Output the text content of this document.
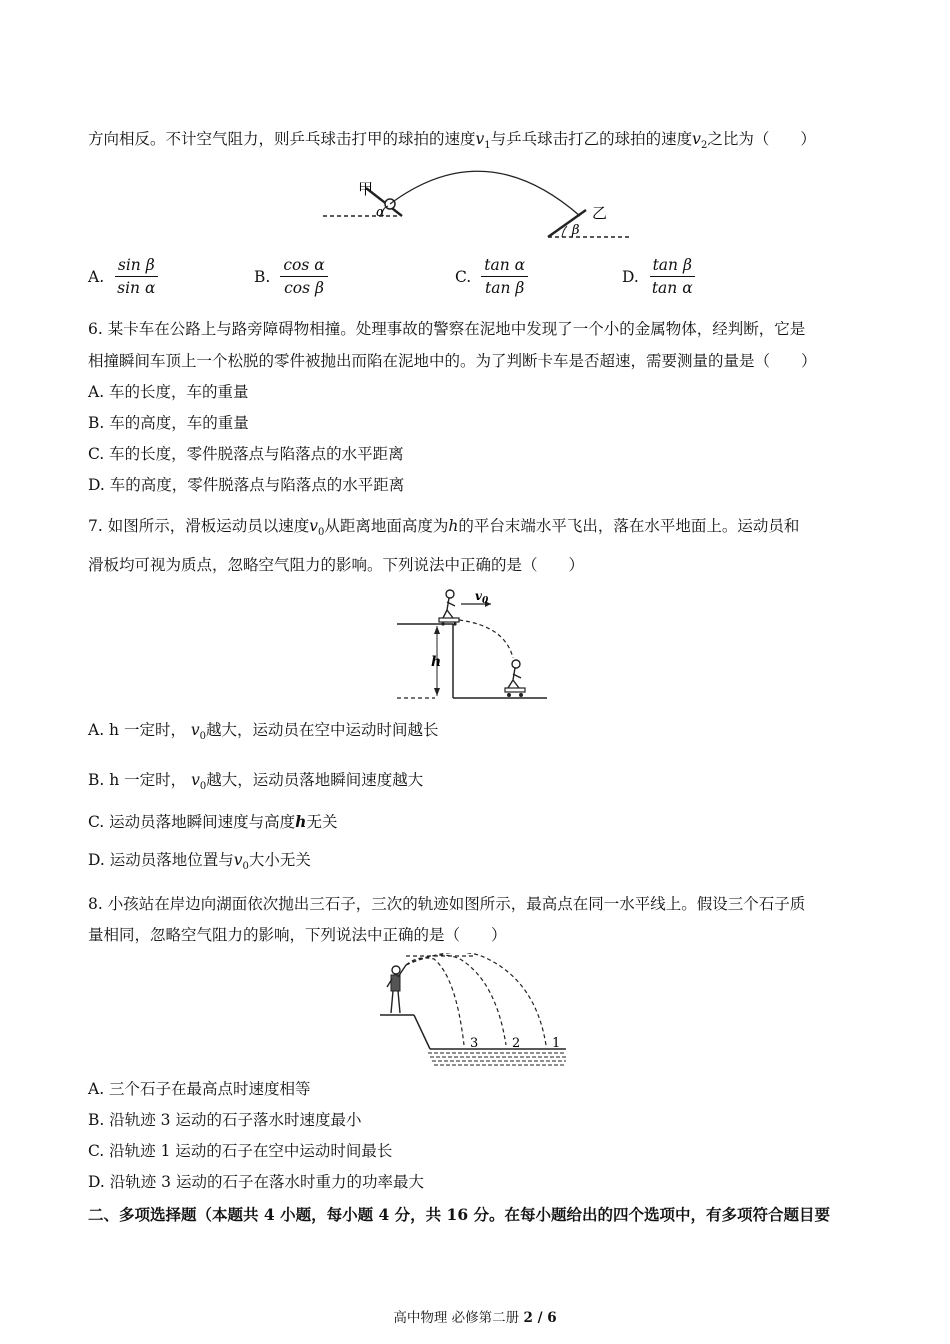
方向相反。不计空气阻力，则乒乓球击打甲的球拍的速度$v_1$与乒乓球击打乙的球拍的速度$v_2$之比为（　　）
甲
α	乙
β
A. $\frac{\text{sin β}}{\text{sin α}}$	B. $\frac{\text{cos α}}{\text{cos β}}$	C. $\frac{\text{tan α}}{\text{tan β}}$	D. $\frac{\text{tan β}}{\text{tan α}}$
6. 某卡车在公路上与路旁障碍物相撞。处理事故的警察在泥地中发现了一个小的金属物体，经判断，它是
相撞瞬间车顶上一个松脱的零件被抛出而陷在泥地中的。为了判断卡车是否超速，需要测量的量是（　　）
A. 车的长度，车的重量
B. 车的高度，车的重量
C. 车的长度，零件脱落点与陷落点的水平距离
D. 车的高度，零件脱落点与陷落点的水平距离
7. 如图所示，滑板运动员以速度$v_0$从距离地面高度为h的平台末端水平飞出，落在水平地面上。运动员和
滑板均可视为质点，忽略空气阻力的影响。下列说法中正确的是（　　）
h
$v_0$
A. h 一定时， $v_0$越大，运动员在空中运动时间越长
B. h 一定时， $v_0$越大，运动员落地瞬间速度越大
C. 运动员落地瞬间速度与高度h无关
D. 运动员落地位置与$v_0$大小无关
8. 小孩站在岸边向湖面依次抛出三石子，三次的轨迹如图所示，最高点在同一水平线上。假设三个石子质
量相同，忽略空气阻力的影响，下列说法中正确的是（　　）
3	2 1
A. 三个石子在最高点时速度相等
B. 沿轨迹 3 运动的石子落水时速度最小
C. 沿轨迹 1 运动的石子在空中运动时间最长
D. 沿轨迹 3 运动的石子在落水时重力的功率最大
二、多项选择题（本题共 4 小题，每小题 4 分，共 16 分。在每小题给出的四个选项中，有多项符合题目要
高中物理 必修第二册 2 / 6
